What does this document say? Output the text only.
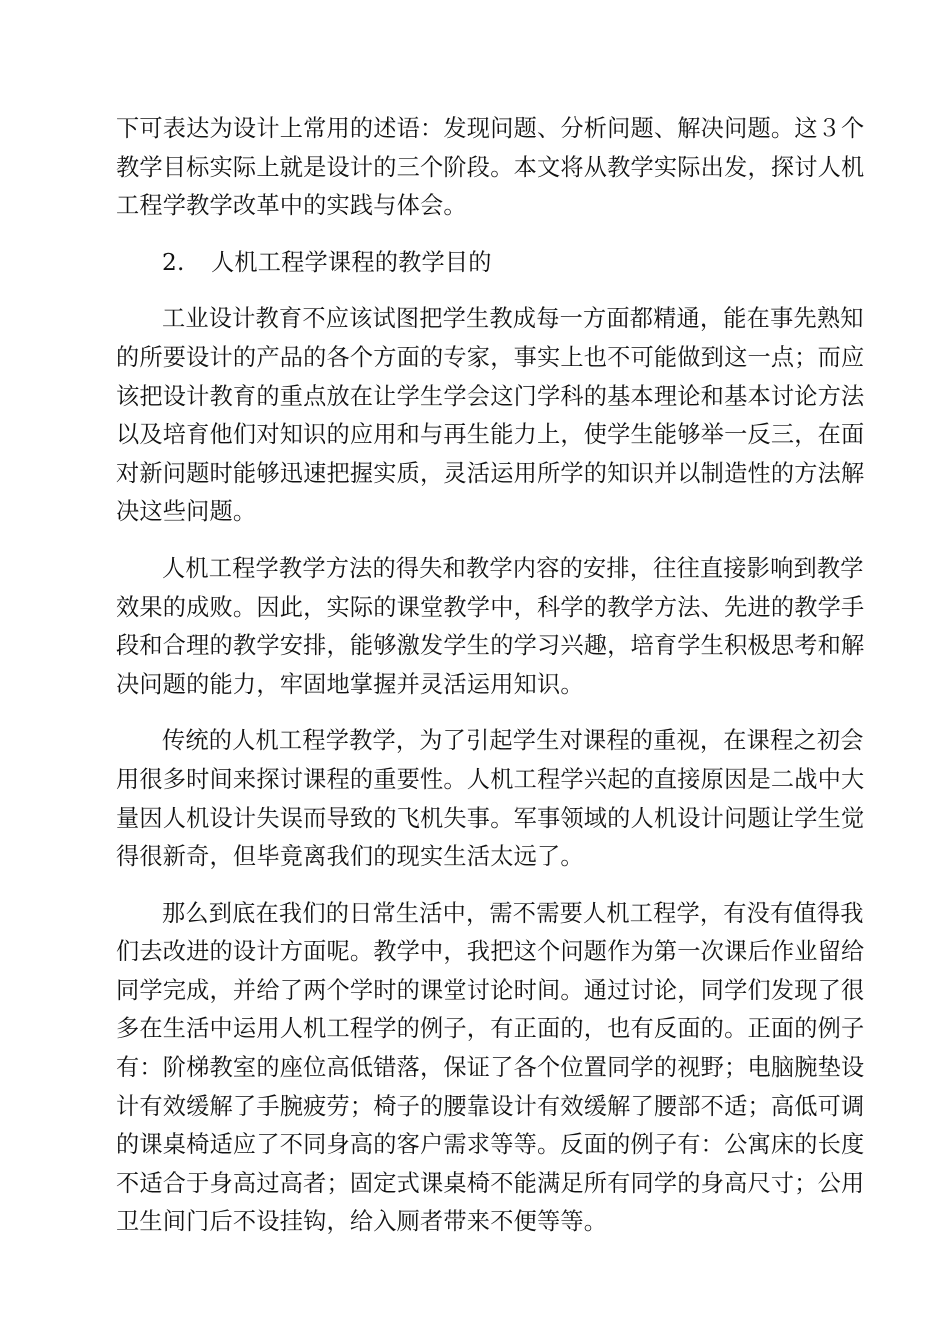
下可表达为设计上常用的述语：发现问题、分析问题、解决问题。这３个
教学目标实际上就是设计的三个阶段。本文将从教学实际出发，探讨人机
工程学教学改革中的实践与体会。
2. 人机工程学课程的教学目的
工业设计教育不应该试图把学生教成每一方面都精通，能在事先熟知
的所要设计的产品的各个方面的专家，事实上也不可能做到这一点；而应
该把设计教育的重点放在让学生学会这门学科的基本理论和基本讨论方法
以及培育他们对知识的应用和与再生能力上，使学生能够举一反三，在面
对新问题时能够迅速把握实质，灵活运用所学的知识并以制造性的方法解
决这些问题。
人机工程学教学方法的得失和教学内容的安排，往往直接影响到教学
效果的成败。因此，实际的课堂教学中，科学的教学方法、先进的教学手
段和合理的教学安排，能够激发学生的学习兴趣，培育学生积极思考和解
决问题的能力，牢固地掌握并灵活运用知识。
传统的人机工程学教学，为了引起学生对课程的重视，在课程之初会
用很多时间来探讨课程的重要性。人机工程学兴起的直接原因是二战中大
量因人机设计失误而导致的飞机失事。军事领域的人机设计问题让学生觉
得很新奇，但毕竟离我们的现实生活太远了。
那么到底在我们的日常生活中，需不需要人机工程学，有没有值得我
们去改进的设计方面呢。教学中，我把这个问题作为第一次课后作业留给
同学完成，并给了两个学时的课堂讨论时间。通过讨论，同学们发现了很
多在生活中运用人机工程学的例子，有正面的，也有反面的。正面的例子
有：阶梯教室的座位高低错落，保证了各个位置同学的视野；电脑腕垫设
计有效缓解了手腕疲劳；椅子的腰靠设计有效缓解了腰部不适；高低可调
的课桌椅适应了不同身高的客户需求等等。反面的例子有：公寓床的长度
不适合于身高过高者；固定式课桌椅不能满足所有同学的身高尺寸；公用
卫生间门后不设挂钩，给入厕者带来不便等等。
